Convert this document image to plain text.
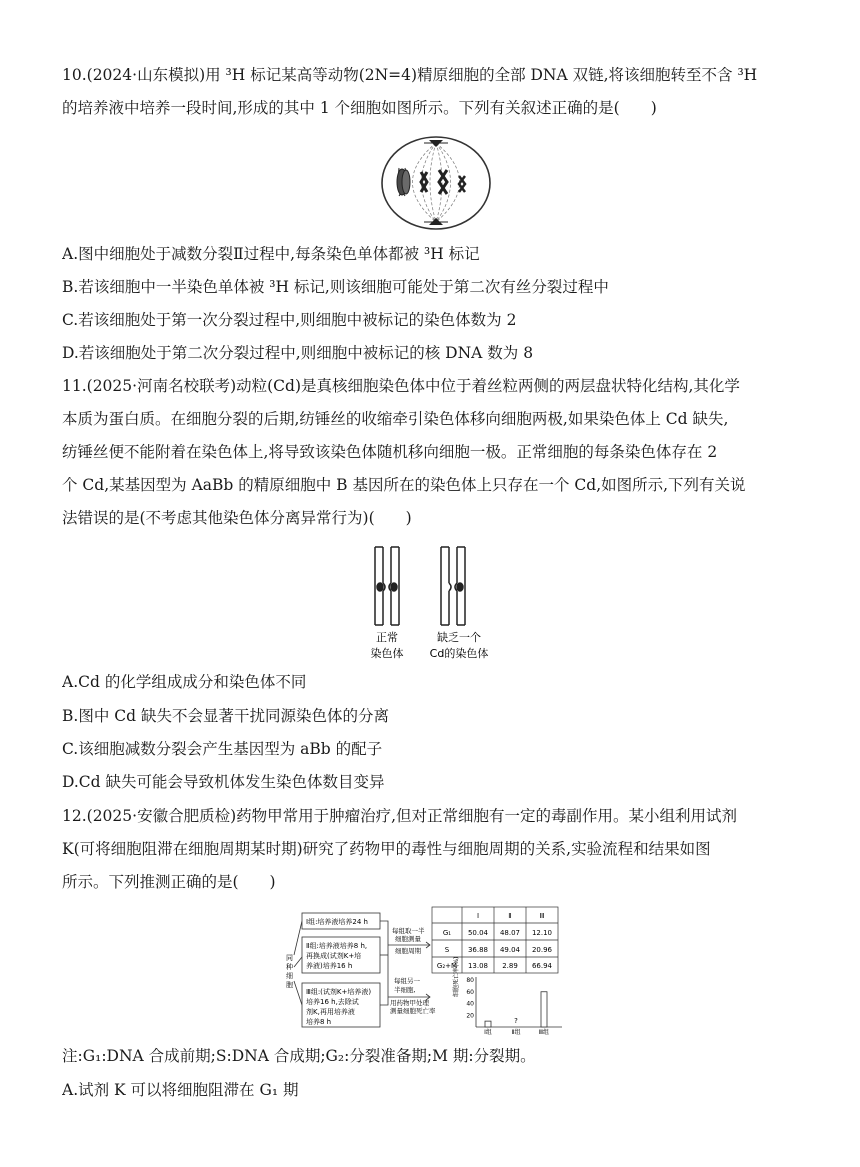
10.(2024·山东模拟)用 ³H 标记某高等动物(2N=4)精原细胞的全部 DNA 双链,将该细胞转至不含 ³H
的培养液中培养一段时间,形成的其中 1 个细胞如图所示。下列有关叙述正确的是(　　)
A.图中细胞处于减数分裂Ⅱ过程中,每条染色单体都被 ³H 标记
B.若该细胞中一半染色单体被 ³H 标记,则该细胞可能处于第二次有丝分裂过程中
C.若该细胞处于第一次分裂过程中,则细胞中被标记的染色体数为 2
D.若该细胞处于第二次分裂过程中,则细胞中被标记的核 DNA 数为 8
11.(2025·河南名校联考)动粒(Cd)是真核细胞染色体中位于着丝粒两侧的两层盘状特化结构,其化学
本质为蛋白质。在细胞分裂的后期,纺锤丝的收缩牵引染色体移向细胞两极,如果染色体上 Cd 缺失,
纺锤丝便不能附着在染色体上,将导致该染色体随机移向细胞一极。正常细胞的每条染色体存在 2
个 Cd,某基因型为 AaBb 的精原细胞中 B 基因所在的染色体上只存在一个 Cd,如图所示,下列有关说
法错误的是(不考虑其他染色体分离异常行为)(　　)
正常
染色体
缺乏一个
Cd的染色体
A.Cd 的化学组成成分和染色体不同
B.图中 Cd 缺失不会显著干扰同源染色体的分离
C.该细胞减数分裂会产生基因型为 aBb 的配子
D.Cd 缺失可能会导致机体发生染色体数目变异
12.(2025·安徽合肥质检)药物甲常用于肿瘤治疗,但对正常细胞有一定的毒副作用。某小组利用试剂
K(可将细胞阻滞在细胞周期某时期)研究了药物甲的毒性与细胞周期的关系,实验流程和结果如图
所示。下列推测正确的是(　　)
同
种
细
胞
Ⅰ组:培养液培养24 h
Ⅱ组:培养液培养8 h,
再换成(试剂K+培
养液)培养16 h
Ⅲ组:(试剂K+培养液)
培养16 h,去除试
剂K,再用培养液
培养8 h
每组取一半
细胞测量
细胞周期
每组另一
半细胞,
用药物甲处理
测量细胞死亡率
Ⅰ	Ⅱ	Ⅲ
G₁ 50.04 48.07 12.10
S	36.88 49.04 20.96
G₂+M 13.08 2.89 66.94
细胞死亡率(%) 80
60
40
20
?
Ⅰ组	Ⅱ组	Ⅲ组
注:G₁:DNA 合成前期;S:DNA 合成期;G₂:分裂准备期;M 期:分裂期。
A.试剂 K 可以将细胞阻滞在 G₁ 期
